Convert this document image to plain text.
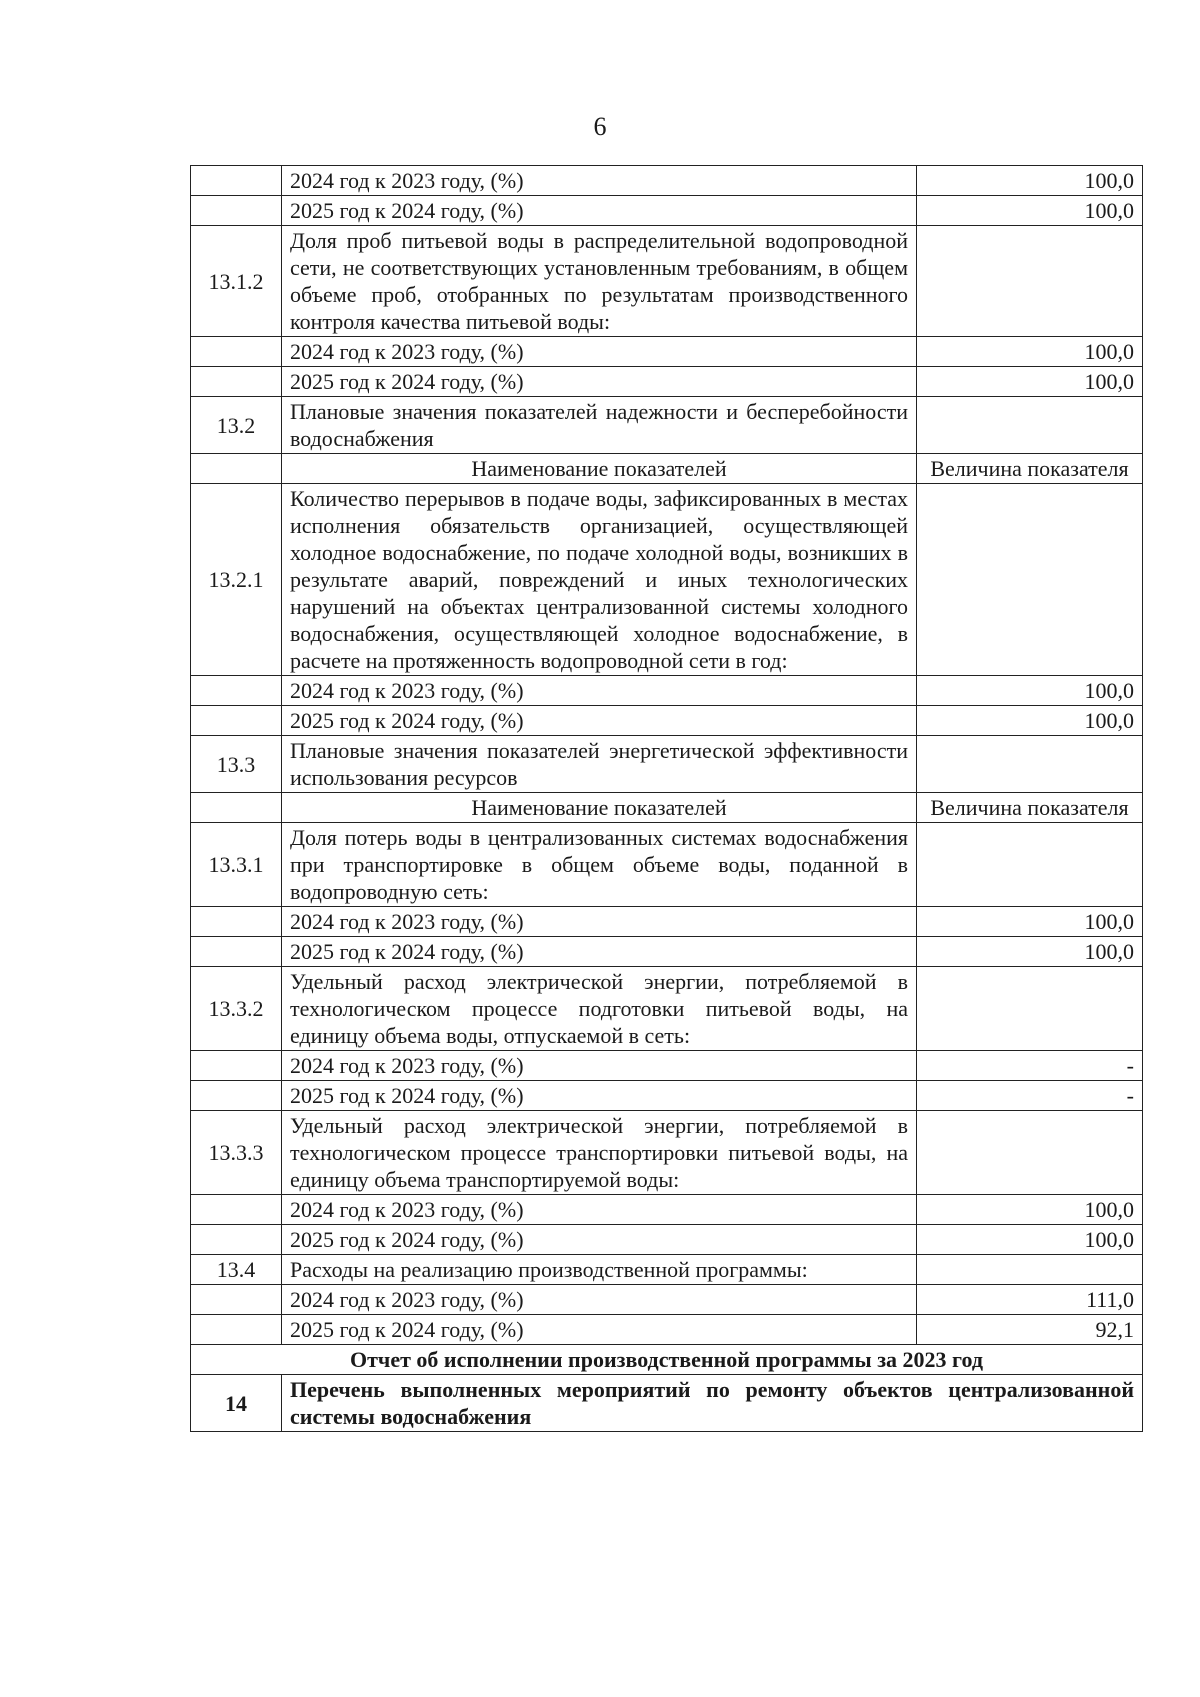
6
	2024 год к 2023 году, (%)	100,0
	2025 год к 2024 году, (%)	100,0
13.1.2	Доля проб питьевой воды в распределительной водопроводной сети, не соответствующих установленным требованиям, в общем объеме проб, отобранных по результатам производственного контроля качества питьевой воды:	
	2024 год к 2023 году, (%)	100,0
	2025 год к 2024 году, (%)	100,0
13.2	Плановые значения показателей надежности и бесперебойности водоснабжения	
	Наименование показателей	Величина показателя
13.2.1	Количество перерывов в подаче воды, зафиксированных в местах исполнения обязательств организацией, осуществляющей холодное водоснабжение, по подаче холодной воды, возникших в результате аварий, повреждений и иных технологических нарушений на объектах централизованной системы холодного водоснабжения, осуществляющей холодное водоснабжение, в расчете на протяженность водопроводной сети в год:	
	2024 год к 2023 году, (%)	100,0
	2025 год к 2024 году, (%)	100,0
13.3	Плановые значения показателей энергетической эффективности использования ресурсов	
	Наименование показателей	Величина показателя
13.3.1	Доля потерь воды в централизованных системах водоснабжения при транспортировке в общем объеме воды, поданной в водопроводную сеть:	
	2024 год к 2023 году, (%)	100,0
	2025 год к 2024 году, (%)	100,0
13.3.2	Удельный расход электрической энергии, потребляемой в технологическом процессе подготовки питьевой воды, на единицу объема воды, отпускаемой в сеть:	
	2024 год к 2023 году, (%)	-
	2025 год к 2024 году, (%)	-
13.3.3	Удельный расход электрической энергии, потребляемой в технологическом процессе транспортировки питьевой воды, на единицу объема транспортируемой воды:	
	2024 год к 2023 году, (%)	100,0
	2025 год к 2024 году, (%)	100,0
13.4	Расходы на реализацию производственной программы:	
	2024 год к 2023 году, (%)	111,0
	2025 год к 2024 году, (%)	92,1
Отчет об исполнении производственной программы за 2023 год		
14	Перечень выполненных мероприятий по ремонту объектов централизованной системы водоснабжения	
